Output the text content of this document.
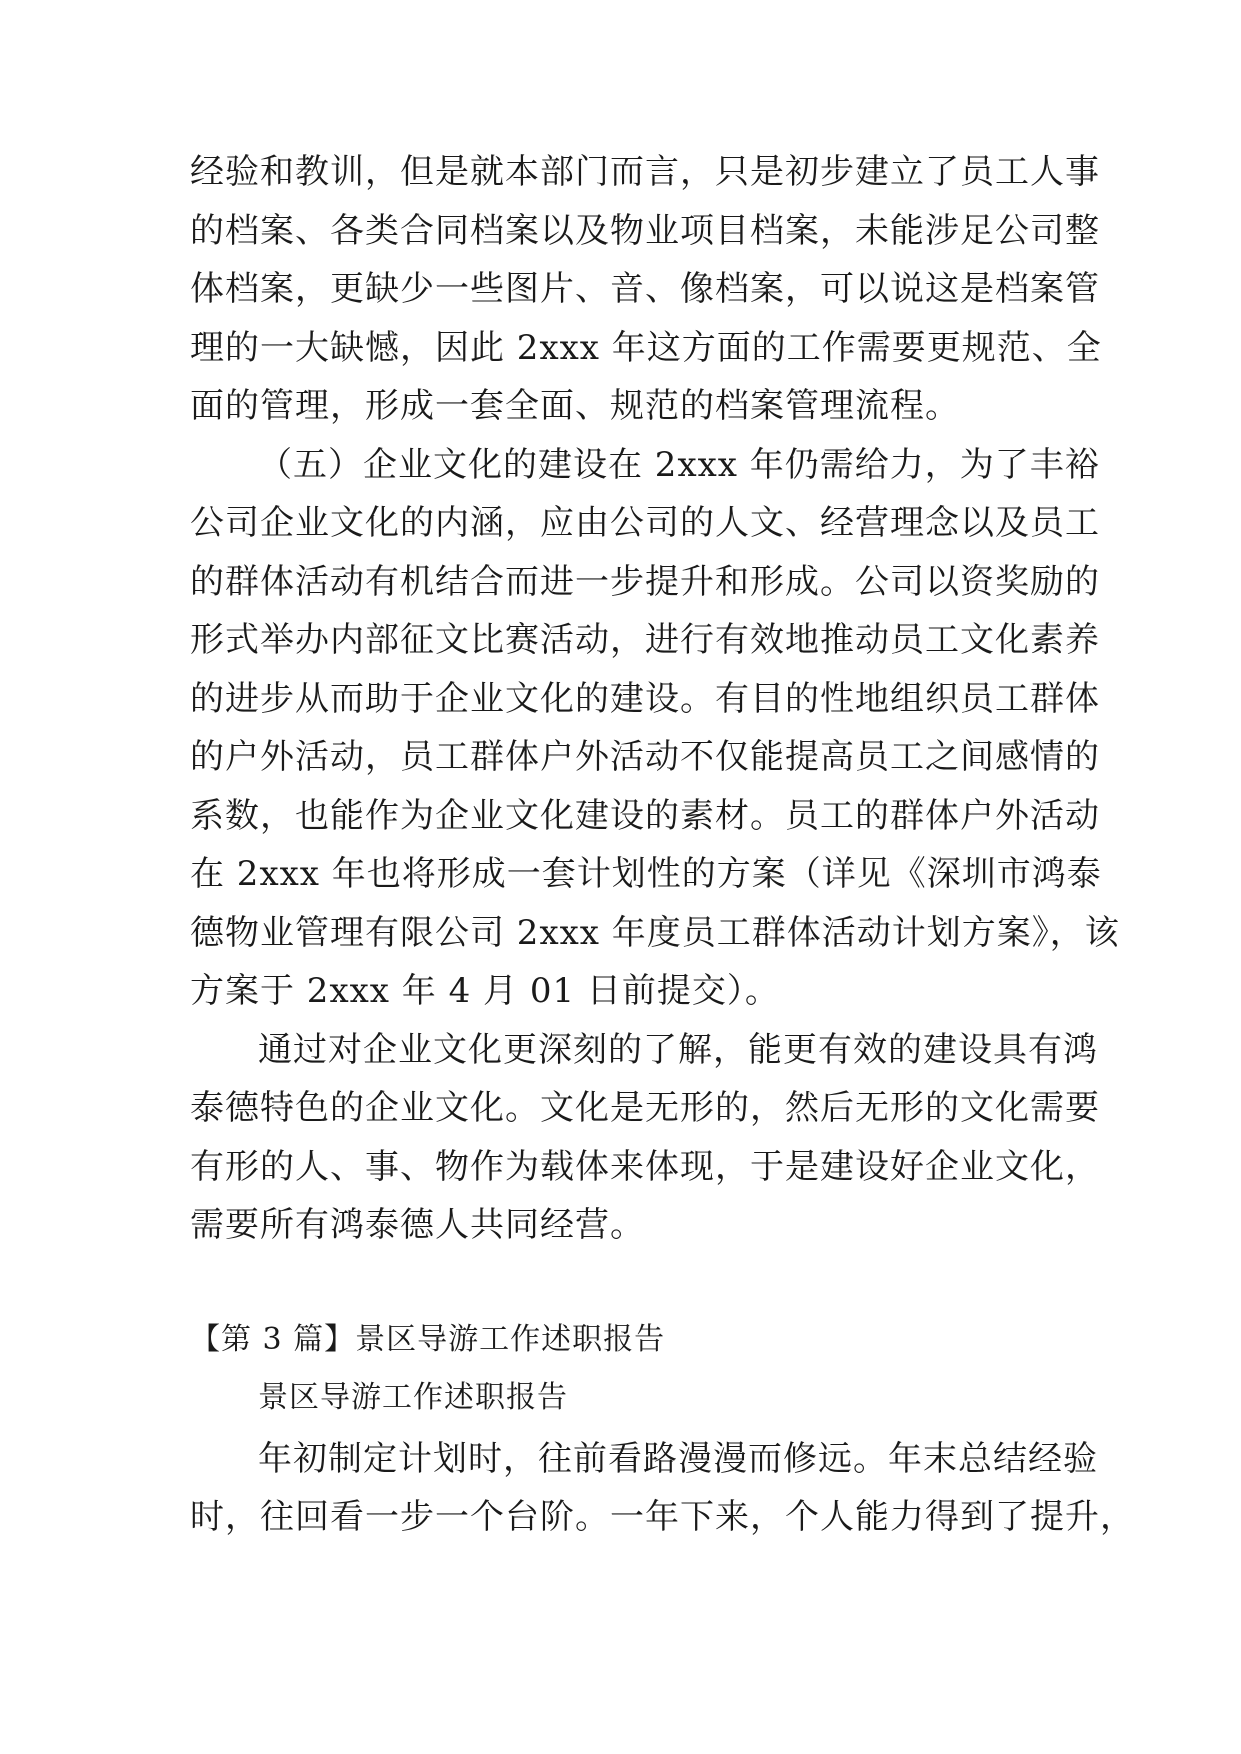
经验和教训，但是就本部门而言，只是初步建立了员工人事
的档案、各类合同档案以及物业项目档案，未能涉足公司整
体档案，更缺少一些图片、音、像档案，可以说这是档案管
理的一大缺憾，因此 2xxx 年这方面的工作需要更规范、全
面的管理，形成一套全面、规范的档案管理流程。
（五）企业文化的建设在 2xxx 年仍需给力，为了丰裕
公司企业文化的内涵，应由公司的人文、经营理念以及员工
的群体活动有机结合而进一步提升和形成。公司以资奖励的
形式举办内部征文比赛活动，进行有效地推动员工文化素养
的进步从而助于企业文化的建设。有目的性地组织员工群体
的户外活动，员工群体户外活动不仅能提高员工之间感情的
系数，也能作为企业文化建设的素材。员工的群体户外活动
在 2xxx 年也将形成一套计划性的方案（详见《深圳市鸿泰
德物业管理有限公司 2xxx 年度员工群体活动计划方案》，该
方案于 2xxx 年 4 月 01 日前提交）。
通过对企业文化更深刻的了解，能更有效的建设具有鸿
泰德特色的企业文化。文化是无形的，然后无形的文化需要
有形的人、事、物作为载体来体现，于是建设好企业文化，
需要所有鸿泰德人共同经营。
【第 3 篇】景区导游工作述职报告
景区导游工作述职报告
年初制定计划时，往前看路漫漫而修远。年末总结经验
时，往回看一步一个台阶。一年下来，个人能力得到了提升，
